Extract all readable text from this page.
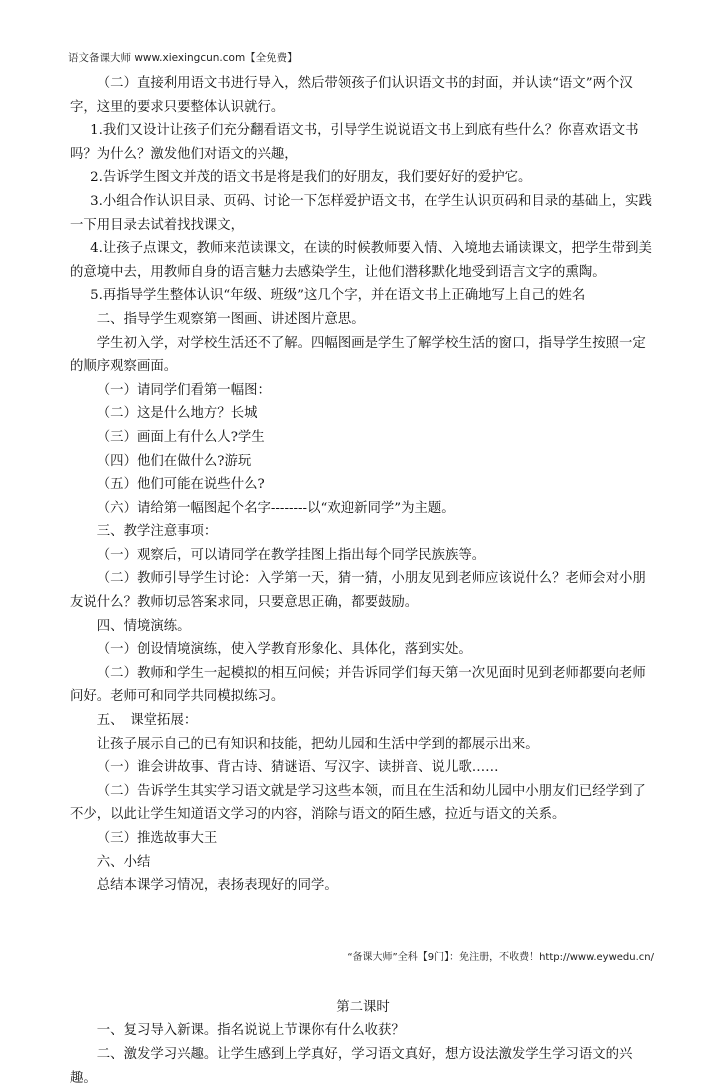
语文备课大师 www.xiexingcun.com【全免费】

（二）直接利用语文书进行导入，然后带领孩子们认识语文书的封面，并认读“语文”两个汉字，这里的要求只要整体认识就行。

1.我们又设计让孩子们充分翻看语文书，引导学生说说语文书上到底有些什么？你喜欢语文书吗？为什么？激发他们对语文的兴趣，

2.告诉学生图文并茂的语文书是将是我们的好朋友，我们要好好的爱护它。

3.小组合作认识目录、页码、讨论一下怎样爱护语文书，在学生认识页码和目录的基础上，实践一下用目录去试着找找课文，

4.让孩子点课文，教师来范读课文，在读的时候教师要入情、入境地去诵读课文，把学生带到美的意境中去，用教师自身的语言魅力去感染学生，让他们潜移默化地受到语言文字的熏陶。

5.再指导学生整体认识“年级、班级”这几个字，并在语文书上正确地写上自己的姓名

二、指导学生观察第一图画、讲述图片意思。

学生初入学，对学校生活还不了解。四幅图画是学生了解学校生活的窗口，指导学生按照一定的顺序观察画面。

（一）请同学们看第一幅图：

（二）这是什么地方？长城

（三）画面上有什么人?学生

（四）他们在做什么?游玩

（五）他们可能在说些什么?

（六）请给第一幅图起个名字--------以“欢迎新同学”为主题。

三、教学注意事项：

（一）观察后，可以请同学在教学挂图上指出每个同学民族族等。

（二）教师引导学生讨论：入学第一天，猜一猜，小朋友见到老师应该说什么？老师会对小朋友说什么？教师切忌答案求同，只要意思正确，都要鼓励。

四、情境演练。

（一）创设情境演练，使入学教育形象化、具体化，落到实处。

（二）教师和学生一起模拟的相互问候；并告诉同学们每天第一次见面时见到老师都要向老师问好。老师可和同学共同模拟练习。

五、　课堂拓展：

让孩子展示自己的已有知识和技能，把幼儿园和生活中学到的都展示出来。

（一）谁会讲故事、背古诗、猜谜语、写汉字、读拼音、说儿歌……

（二）告诉学生其实学习语文就是学习这些本领，而且在生活和幼儿园中小朋友们已经学到了不少，以此让学生知道语文学习的内容，消除与语文的陌生感，拉近与语文的关系。

（三）推选故事大王

六、小结

总结本课学习情况，表扬表现好的同学。

第二课时

一、复习导入新课。指名说说上节课你有什么收获？

二、激发学习兴趣。让学生感到上学真好，学习语文真好，想方设法激发学生学习语文的兴趣。

“备课大师”全科【9门】：免注册，不收费！http://www.eywedu.cn/
